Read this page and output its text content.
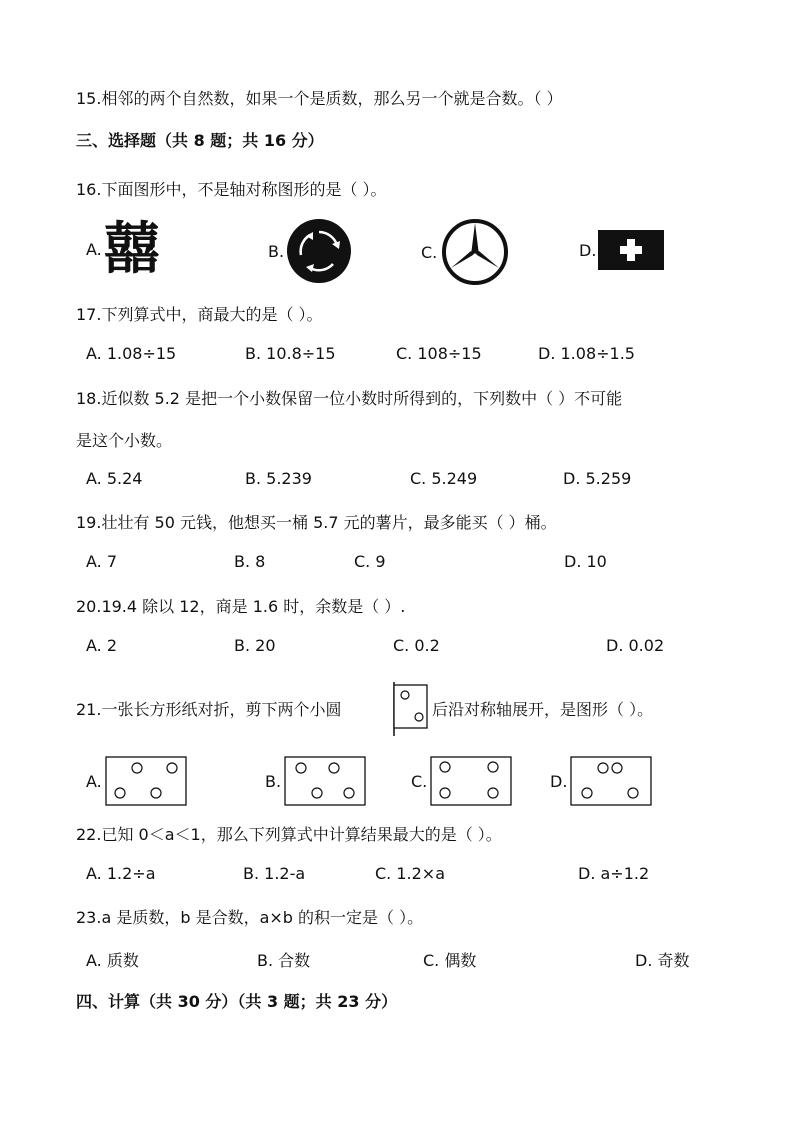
15.相邻的两个自然数，如果一个是质数，那么另一个就是合数。（ ）
三、选择题（共 8 题；共 16 分）
16.下面图形中，不是轴对称图形的是（ ）。
A. 囍	B.	C.	D.
17.下列算式中，商最大的是（ ）。
A. 1.08÷15	B. 10.8÷15	C. 108÷15	D. 1.08÷1.5
18.近似数 5.2 是把一个小数保留一位小数时所得到的，下列数中（ ）不可能
是这个小数。
A. 5.24	B. 5.239	C. 5.249	D. 5.259
19.壮壮有 50 元钱，他想买一桶 5.7 元的薯片，最多能买（ ）桶。
A. 7	B. 8	C. 9	D. 10
20.19.4 除以 12，商是 1.6 时，余数是（ ）.
A. 2	B. 20	C. 0.2	D. 0.02
21.一张长方形纸对折，剪下两个小圆	后沿对称轴展开，是图形（ ）。
A.	B.	C.	D.
22.已知 0＜a＜1，那么下列算式中计算结果最大的是（ ）。
A. 1.2÷a	B. 1.2-a	C. 1.2×a	D. a÷1.2
23.a 是质数，b 是合数，a×b 的积一定是（ ）。
A. 质数	B. 合数	C. 偶数	D. 奇数
四、计算（共 30 分）（共 3 题；共 23 分）
